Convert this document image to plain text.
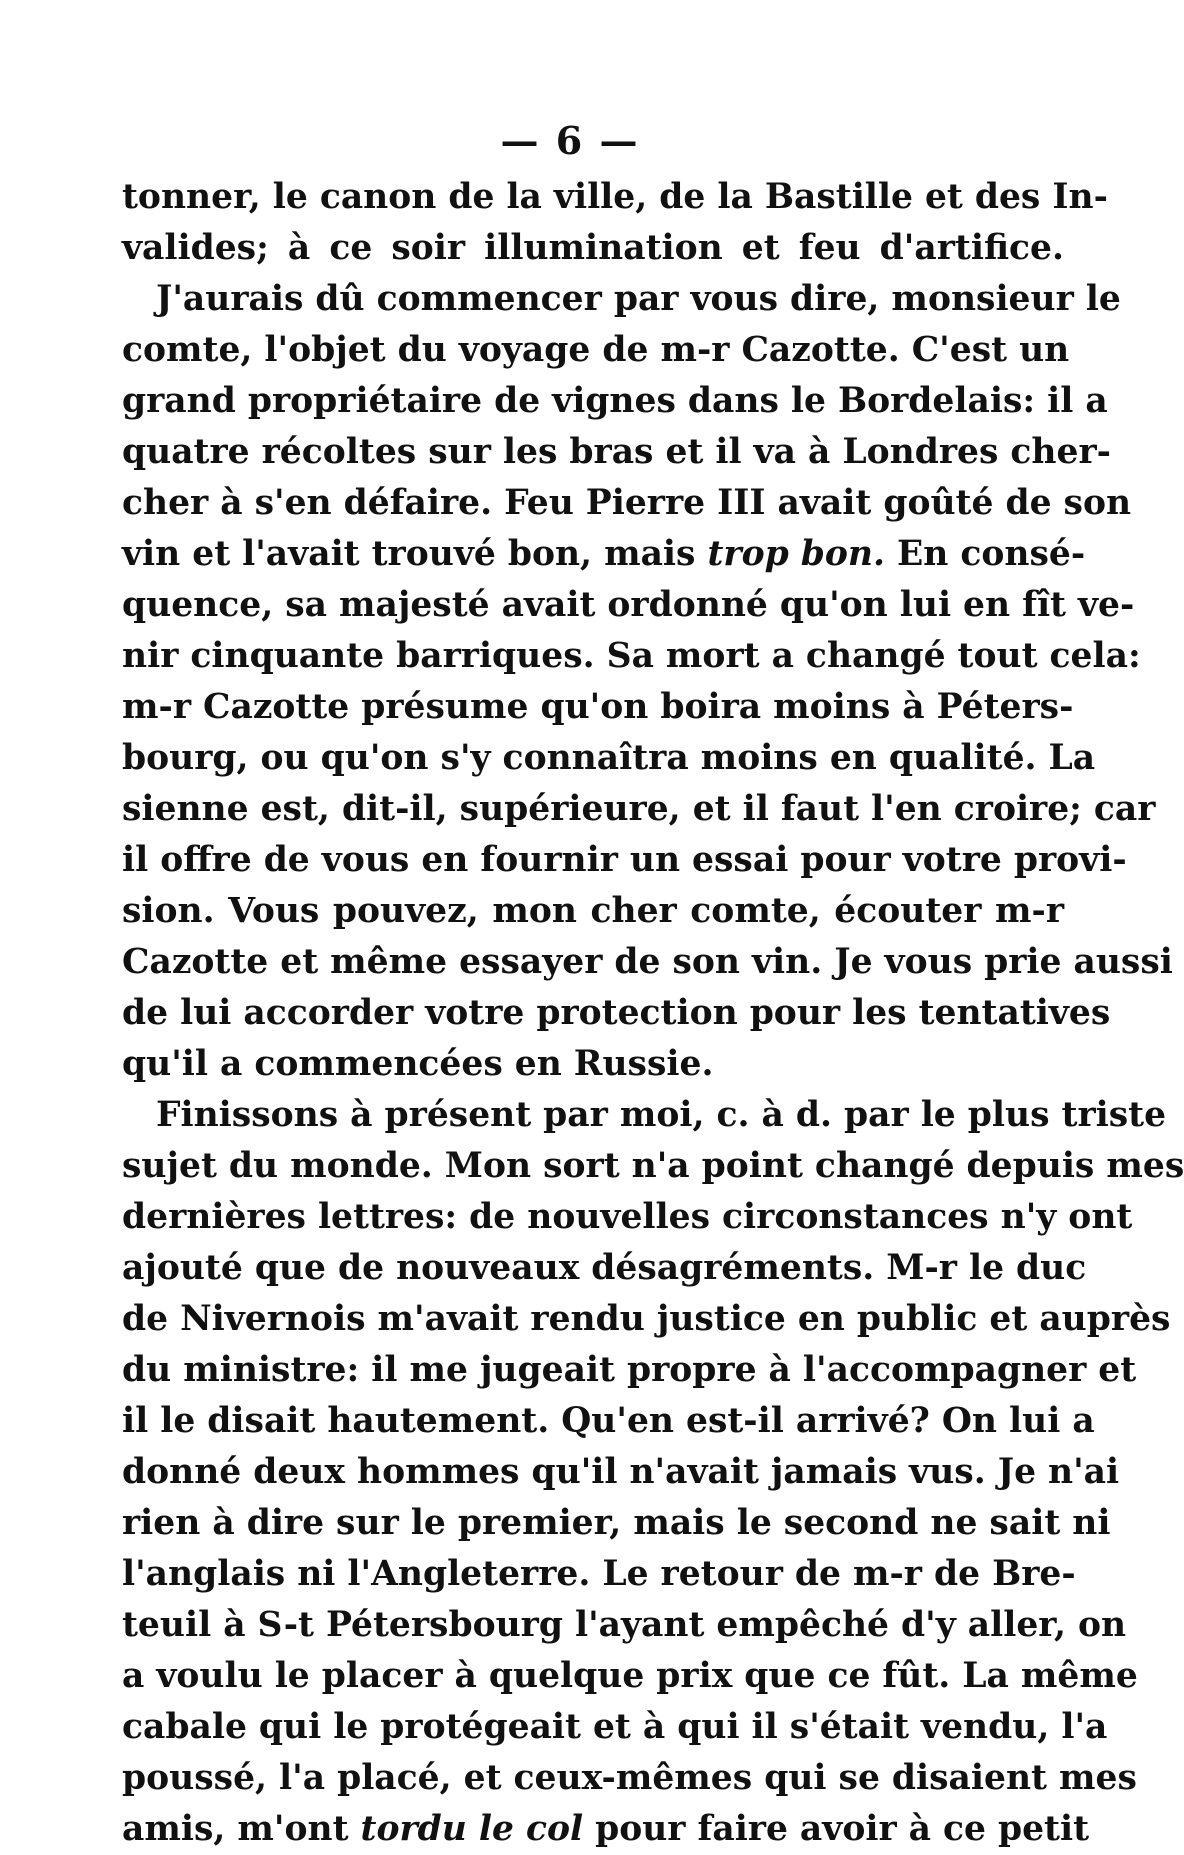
— 6 —
tonner, le canon de la ville, de la Bastille et des In-
valides; à ce soir illumination et feu d'artifice.
J'aurais dû commencer par vous dire, monsieur le
comte, l'objet du voyage de m-r Cazotte. C'est un
grand propriétaire de vignes dans le Bordelais: il a
quatre récoltes sur les bras et il va à Londres cher-
cher à s'en défaire. Feu Pierre III avait goûté de son
vin et l'avait trouvé bon, mais trop bon. En consé-
quence, sa majesté avait ordonné qu'on lui en fît ve-
nir cinquante barriques. Sa mort a changé tout cela:
m-r Cazotte présume qu'on boira moins à Péters-
bourg, ou qu'on s'y connaîtra moins en qualité. La
sienne est, dit-il, supérieure, et il faut l'en croire; car
il offre de vous en fournir un essai pour votre provi-
sion. Vous pouvez, mon cher comte, écouter m-r
Cazotte et même essayer de son vin. Je vous prie aussi
de lui accorder votre protection pour les tentatives
qu'il a commencées en Russie.
Finissons à présent par moi, c. à d. par le plus triste
sujet du monde. Mon sort n'a point changé depuis mes
dernières lettres: de nouvelles circonstances n'y ont
ajouté que de nouveaux désagréments. M-r le duc
de Nivernois m'avait rendu justice en public et auprès
du ministre: il me jugeait propre à l'accompagner et
il le disait hautement. Qu'en est-il arrivé? On lui a
donné deux hommes qu'il n'avait jamais vus. Je n'ai
rien à dire sur le premier, mais le second ne sait ni
l'anglais ni l'Angleterre. Le retour de m-r de Bre-
teuil à S-t Pétersbourg l'ayant empêché d'y aller, on
a voulu le placer à quelque prix que ce fût. La même
cabale qui le protégeait et à qui il s'était vendu, l'a
poussé, l'a placé, et ceux-mêmes qui se disaient mes
amis, m'ont tordu le col pour faire avoir à ce petit
